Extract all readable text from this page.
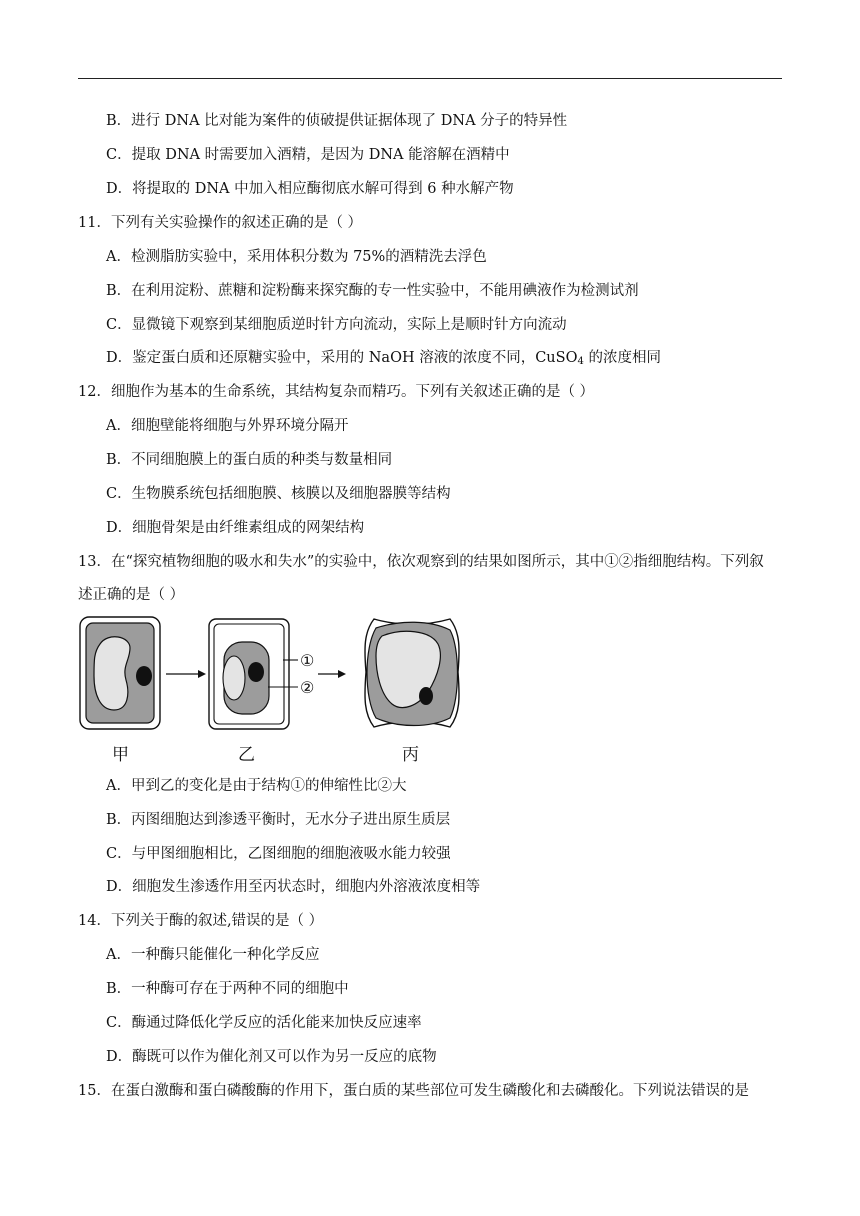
B．进行 DNA 比对能为案件的侦破提供证据体现了 DNA 分子的特异性
C．提取 DNA 时需要加入酒精，是因为 DNA 能溶解在酒精中
D．将提取的 DNA 中加入相应酶彻底水解可得到 6 种水解产物
11．下列有关实验操作的叙述正确的是（ ）
A．检测脂肪实验中，采用体积分数为 75%的酒精洗去浮色
B．在利用淀粉、蔗糖和淀粉酶来探究酶的专一性实验中，不能用碘液作为检测试剂
C．显微镜下观察到某细胞质逆时针方向流动，实际上是顺时针方向流动
D．鉴定蛋白质和还原糖实验中，采用的 NaOH 溶液的浓度不同，CuSO$_4$ 的浓度相同
12．细胞作为基本的生命系统，其结构复杂而精巧。下列有关叙述正确的是（ ）
A．细胞壁能将细胞与外界环境分隔开
B．不同细胞膜上的蛋白质的种类与数量相同
C．生物膜系统包括细胞膜、核膜以及细胞器膜等结构
D．细胞骨架是由纤维素组成的网架结构
13．在“探究植物细胞的吸水和失水”的实验中，依次观察到的结果如图所示，其中①②指细胞结构。下列叙
述正确的是（ ）
①
②
甲	乙	丙
A．甲到乙的变化是由于结构①的伸缩性比②大
B．丙图细胞达到渗透平衡时，无水分子进出原生质层
C．与甲图细胞相比，乙图细胞的细胞液吸水能力较强
D．细胞发生渗透作用至丙状态时，细胞内外溶液浓度相等
14．下列关于酶的叙述,错误的是（ ）
A．一种酶只能催化一种化学反应
B．一种酶可存在于两种不同的细胞中
C．酶通过降低化学反应的活化能来加快反应速率
D．酶既可以作为催化剂又可以作为另一反应的底物
15．在蛋白激酶和蛋白磷酸酶的作用下，蛋白质的某些部位可发生磷酸化和去磷酸化。下列说法错误的是
